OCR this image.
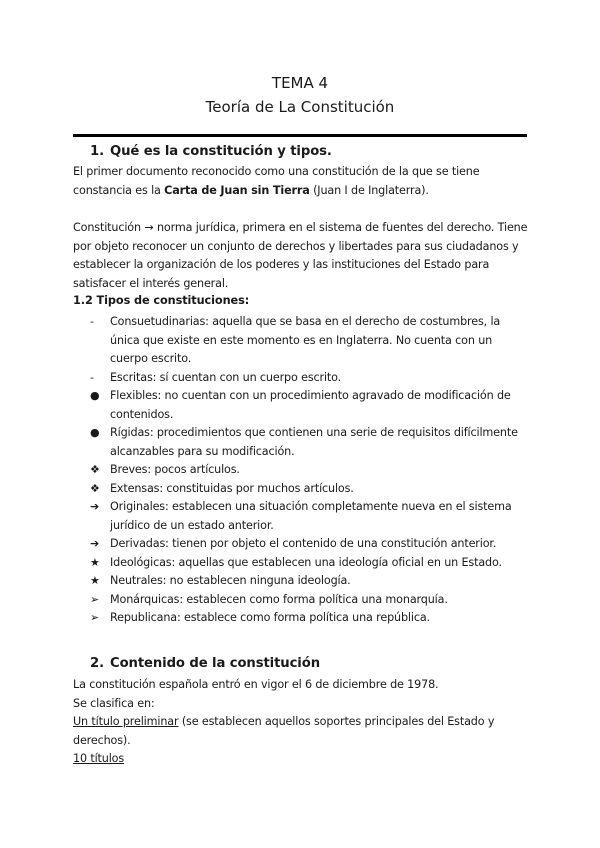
TEMA 4
Teoría de La Constitución
1. Qué es la constitución y tipos.
El primer documento reconocido como una constitución de la que se tiene constancia es la Carta de Juan sin Tierra (Juan I de Inglaterra).
Constitución → norma jurídica, primera en el sistema de fuentes del derecho. Tiene por objeto reconocer un conjunto de derechos y libertades para sus ciudadanos y establecer la organización de los poderes y las instituciones del Estado para satisfacer el interés general.
1.2 Tipos de constituciones:
-	Consuetudinarias: aquella que se basa en el derecho de costumbres, la única que existe en este momento es en Inglaterra. No cuenta con un cuerpo escrito.
-	Escritas: sí cuentan con un cuerpo escrito.
● Flexibles: no cuentan con un procedimiento agravado de modificación de contenidos.
● Rígidas: procedimientos que contienen una serie de requisitos difícilmente alcanzables para su modificación.
❖ Breves: pocos artículos.
❖ Extensas: constituidas por muchos artículos.
➔ Originales: establecen una situación completamente nueva en el sistema jurídico de un estado anterior.
➔ Derivadas: tienen por objeto el contenido de una constitución anterior.
★ Ideológicas: aquellas que establecen una ideología oficial en un Estado.
★ Neutrales: no establecen ninguna ideología.
➢ Monárquicas: establecen como forma política una monarquía.
➢ Republicana: establece como forma política una república.
2. Contenido de la constitución
La constitución española entró en vigor el 6 de diciembre de 1978.
Se clasifica en:
Un título preliminar (se establecen aquellos soportes principales del Estado y derechos).
10 títulos
